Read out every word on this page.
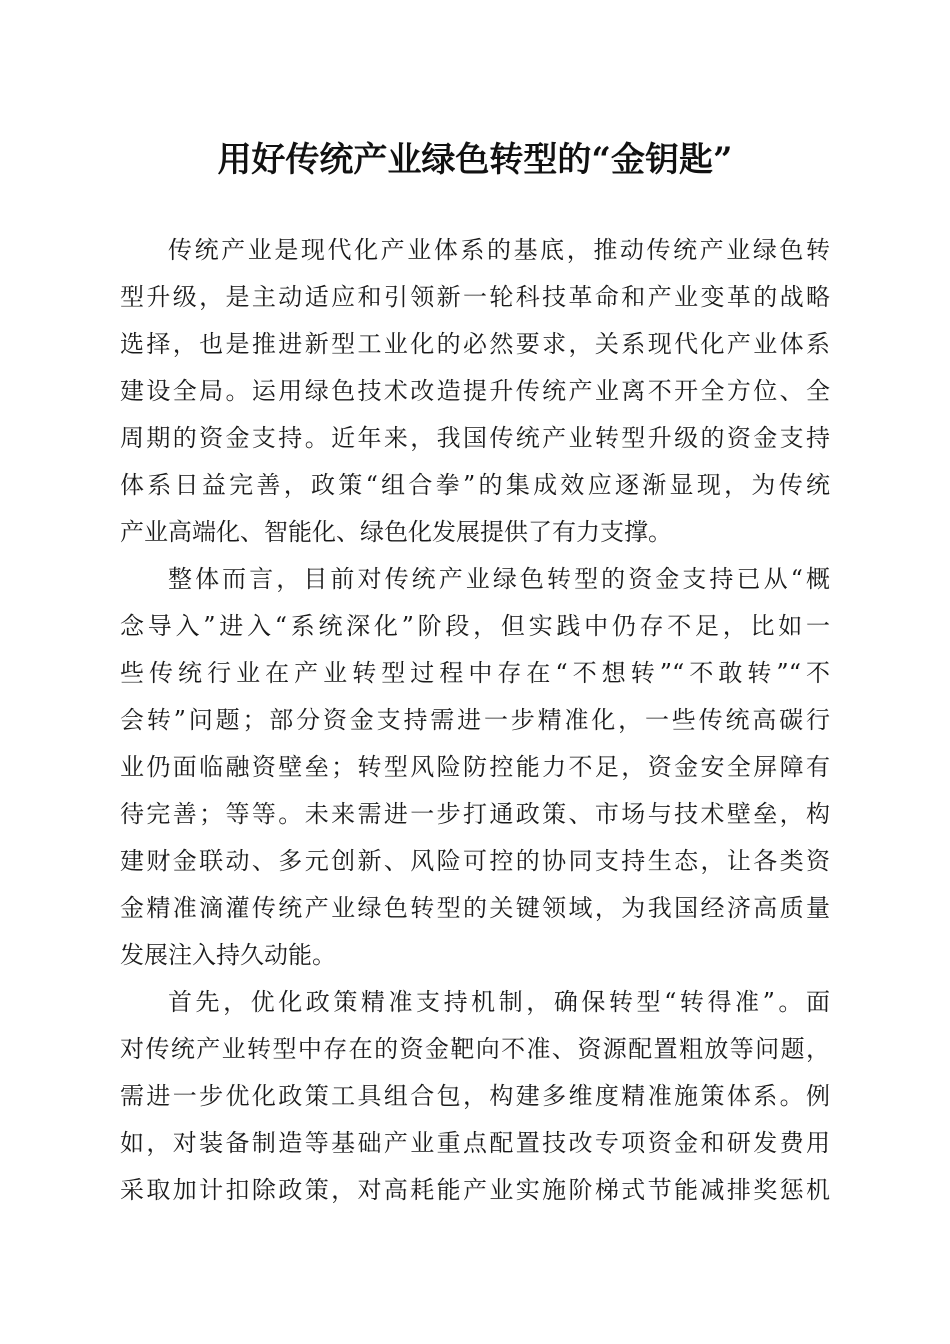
用好传统产业绿色转型的“金钥匙”
传统产业是现代化产业体系的基底，推动传统产业绿色转
型升级，是主动适应和引领新一轮科技革命和产业变革的战略
选择，也是推进新型工业化的必然要求，关系现代化产业体系
建设全局。运用绿色技术改造提升传统产业离不开全方位、全
周期的资金支持。近年来，我国传统产业转型升级的资金支持
体系日益完善，政策“组合拳”的集成效应逐渐显现，为传统
产业高端化、智能化、绿色化发展提供了有力支撑。
整体而言，目前对传统产业绿色转型的资金支持已从“概
念导入”进入“系统深化”阶段，但实践中仍存不足，比如一
些传统行业在产业转型过程中存在“不想转”“不敢转”“不
会转”问题；部分资金支持需进一步精准化，一些传统高碳行
业仍面临融资壁垒；转型风险防控能力不足，资金安全屏障有
待完善；等等。未来需进一步打通政策、市场与技术壁垒，构
建财金联动、多元创新、风险可控的协同支持生态，让各类资
金精准滴灌传统产业绿色转型的关键领域，为我国经济高质量
发展注入持久动能。
首先，优化政策精准支持机制，确保转型“转得准”。面
对传统产业转型中存在的资金靶向不准、资源配置粗放等问题，
需进一步优化政策工具组合包，构建多维度精准施策体系。例
如，对装备制造等基础产业重点配置技改专项资金和研发费用
采取加计扣除政策，对高耗能产业实施阶梯式节能减排奖惩机
